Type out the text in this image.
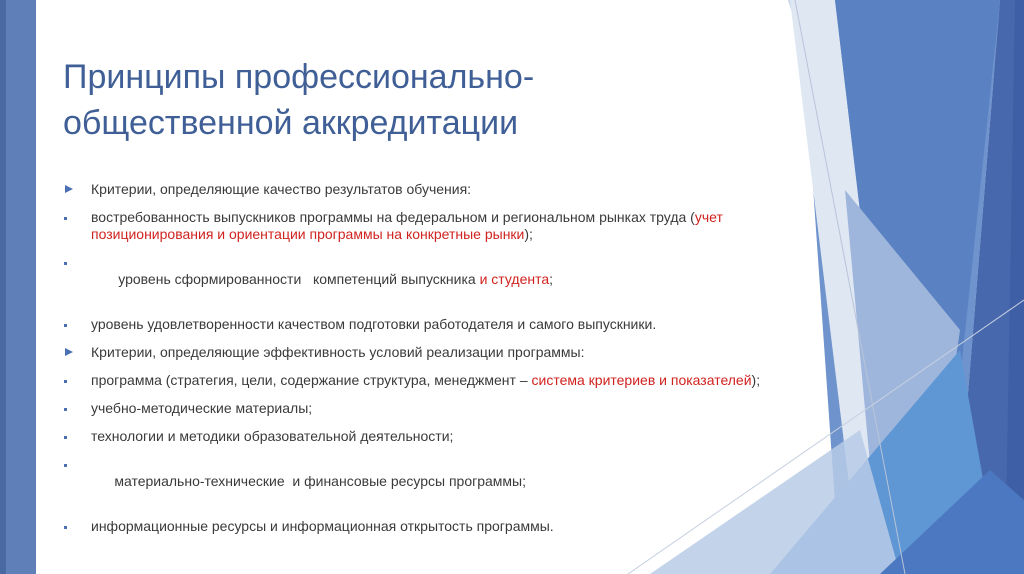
Принципы профессионально-
общественной аккредитации
Критерии, определяющие качество результатов обучения:
востребованность выпускников программы на федеральном и региональном рынках труда (учет позиционирования и ориентации программы на конкретные рынки);

уровень сформированности   компетенций выпускника и студента;

уровень удовлетворенности качеством подготовки работодателя и самого выпускники.
Критерии, определяющие эффективность условий реализации программы:
программа (стратегия, цели, содержание структура, менеджмент – система критериев и показателей);
учебно-методические материалы;
технологии и методики образовательной деятельности;

материально-технические  и финансовые ресурсы программы;

информационные ресурсы и информационная открытость программы.
